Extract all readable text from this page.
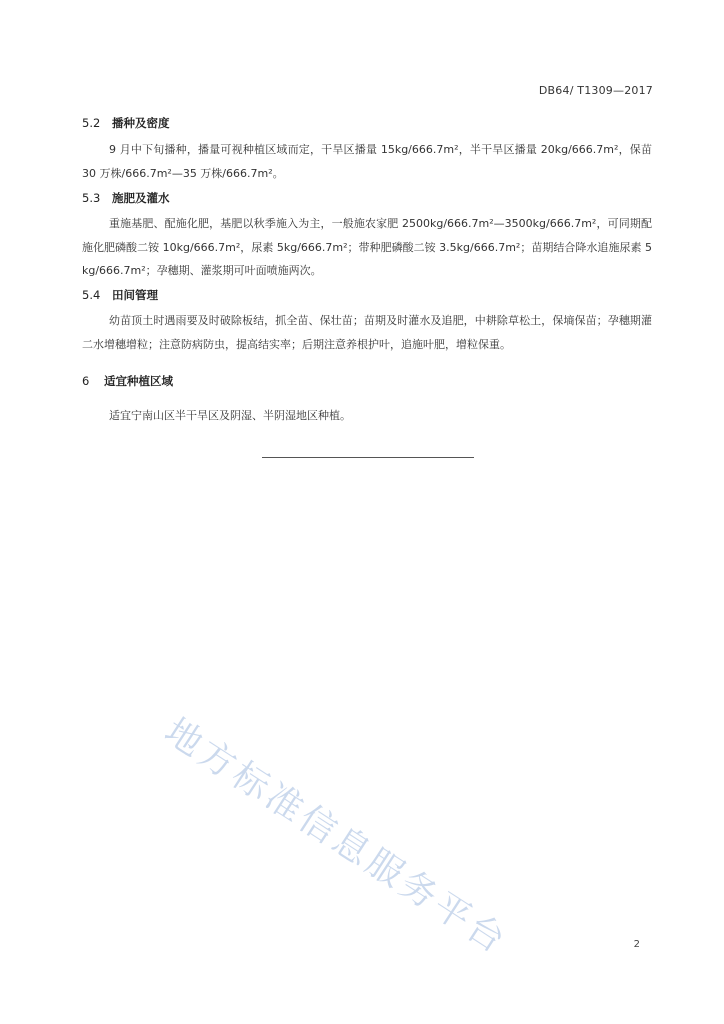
DB64/ T1309—2017
5.2 播种及密度
9 月中下旬播种，播量可视种植区域而定，干旱区播量 15kg/666.7m²，半干旱区播量 20kg/666.7m²，保苗 30 万株/666.7m²—35 万株/666.7m²。
5.3 施肥及灌水
重施基肥、配施化肥，基肥以秋季施入为主，一般施农家肥 2500kg/666.7m²—3500kg/666.7m²，可同期配施化肥磷酸二铵 10kg/666.7m²，尿素 5kg/666.7m²；带种肥磷酸二铵 3.5kg/666.7m²；苗期结合降水追施尿素 5kg/666.7m²；孕穗期、灌浆期可叶面喷施两次。
5.4 田间管理
幼苗顶土时遇雨要及时破除板结，抓全苗、保壮苗；苗期及时灌水及追肥，中耕除草松土，保墒保苗；孕穗期灌二水增穗增粒；注意防病防虫，提高结实率；后期注意养根护叶，追施叶肥，增粒保重。
6 适宜种植区域
适宜宁南山区半干旱区及阴湿、半阴湿地区种植。
地方标准信息服务平台	2
